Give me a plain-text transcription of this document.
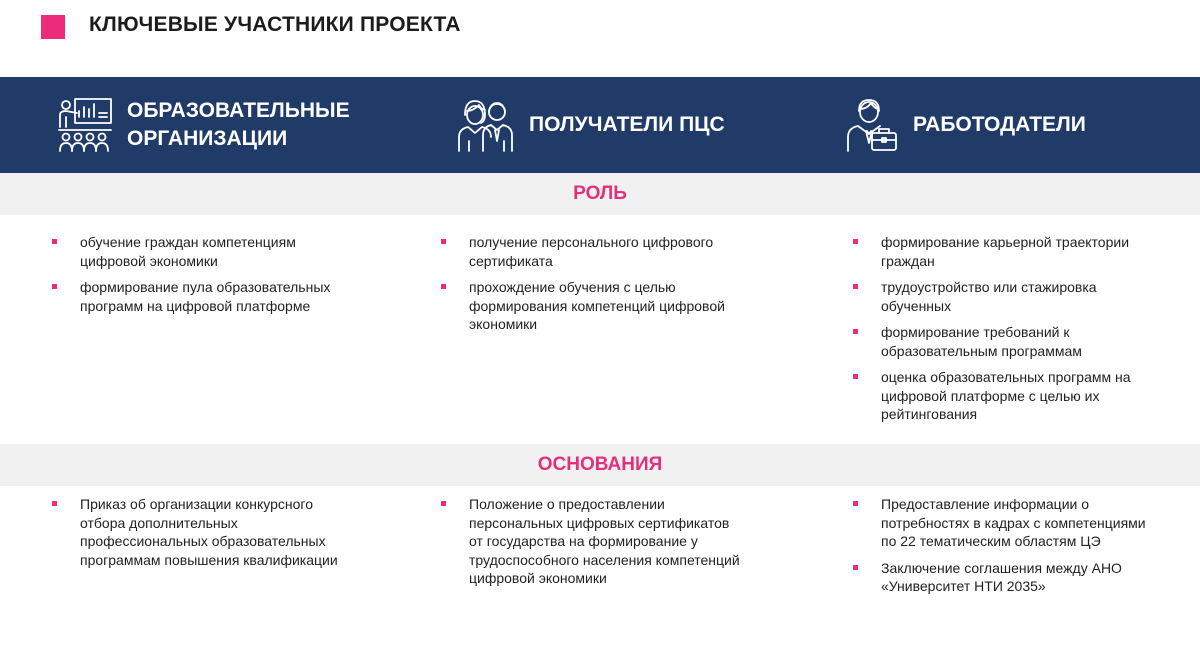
КЛЮЧЕВЫЕ УЧАСТНИКИ ПРОЕКТА
ОБРАЗОВАТЕЛЬНЫЕ
ОРГАНИЗАЦИИ
ПОЛУЧАТЕЛИ ПЦС	РАБОТОДАТЕЛИ
РОЛЬ
обучение граждан компетенциям цифровой экономики
формирование пула образовательных программ на цифровой платформе
получение персонального цифрового сертификата
прохождение обучения с целью формирования компетенций цифровой экономики
формирование карьерной траектории граждан
трудоустройство или стажировка обученных
формирование требований к образовательным программам
оценка образовательных программ на цифровой платформе с целью их рейтингования
ОСНОВАНИЯ
Приказ об организации конкурсного отбора дополнительных профессиональных образовательных программам повышения квалификации
Положение о предоставлении персональных цифровых сертификатов от государства на формирование у трудоспособного населения компетенций цифровой экономики
Предоставление информации о потребностях в кадрах с компетенциями по 22 тематическим областям ЦЭ
Заключение соглашения между АНО «Университет НТИ 2035»
